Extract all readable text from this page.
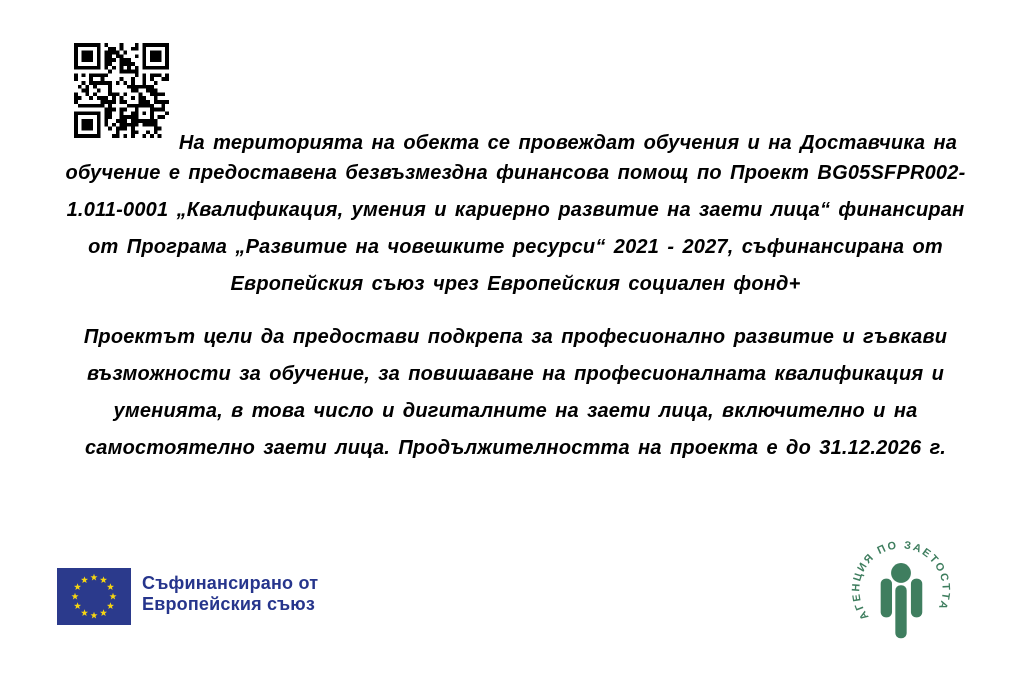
На територията на обекта се провеждат обучения и на Доставчика на
обучение е предоставена безвъзмездна финансова помощ по Проект BG05SFPR002-
1.011-0001 „Квалификация, умения и кариерно развитие на заети лица“ финансиран
от Програма „Развитие на човешките ресурси“ 2021 - 2027, съфинансирана от
Европейския съюз чрез Европейския социален фонд+
Проектът цели да предостави подкрепа за професионално развитие и гъвкави
възможности за обучение, за повишаване на професионалната квалификация и
уменията, в това число и дигиталните на заети лица, включително и на
самостоятелно заети лица. Продължителността на проекта е до 31.12.2026 г.
Съфинансирано от
Европейския съюз
АГЕНЦИЯ ПО ЗАЕТОСТТА
